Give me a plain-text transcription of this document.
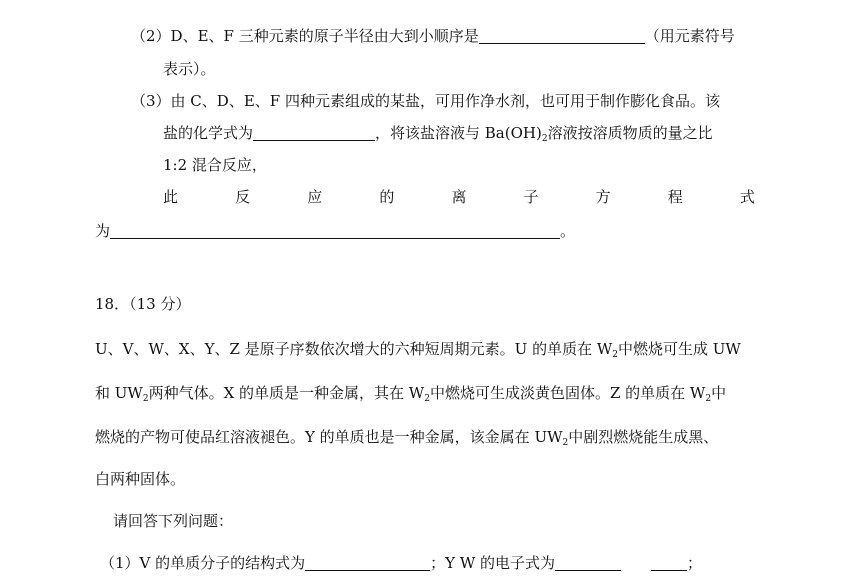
（2）D、E、F 三种元素的原子半径由大到小顺序是	（用元素符号
表示）。
（3）由 C、D、E、F 四种元素组成的某盐，可用作净水剂，也可用于制作膨化食品。该
盐的化学式为	，将该盐溶液与 $Ba(OH)_2$溶液按溶质物质的量之比
1:2 混合反应，
此	反	应	的	离	子	方	程	式
为	。
18．（13 分）
U、V、W、X、Y、Z 是原子序数依次增大的六种短周期元素。U 的单质在 $W_2$中燃烧可生成 UW
和 $UW_2$两种气体。X 的单质是一种金属，其在 $W_2$中燃烧可生成淡黄色固体。Z 的单质在 $W_2$中
燃烧的产物可使品红溶液褪色。Y 的单质也是一种金属，该金属在 $UW_2$中剧烈燃烧能生成黑、
白两种固体。
请回答下列问题：
（1）V 的单质分子的结构式为	；Y W 的电子式为	；
